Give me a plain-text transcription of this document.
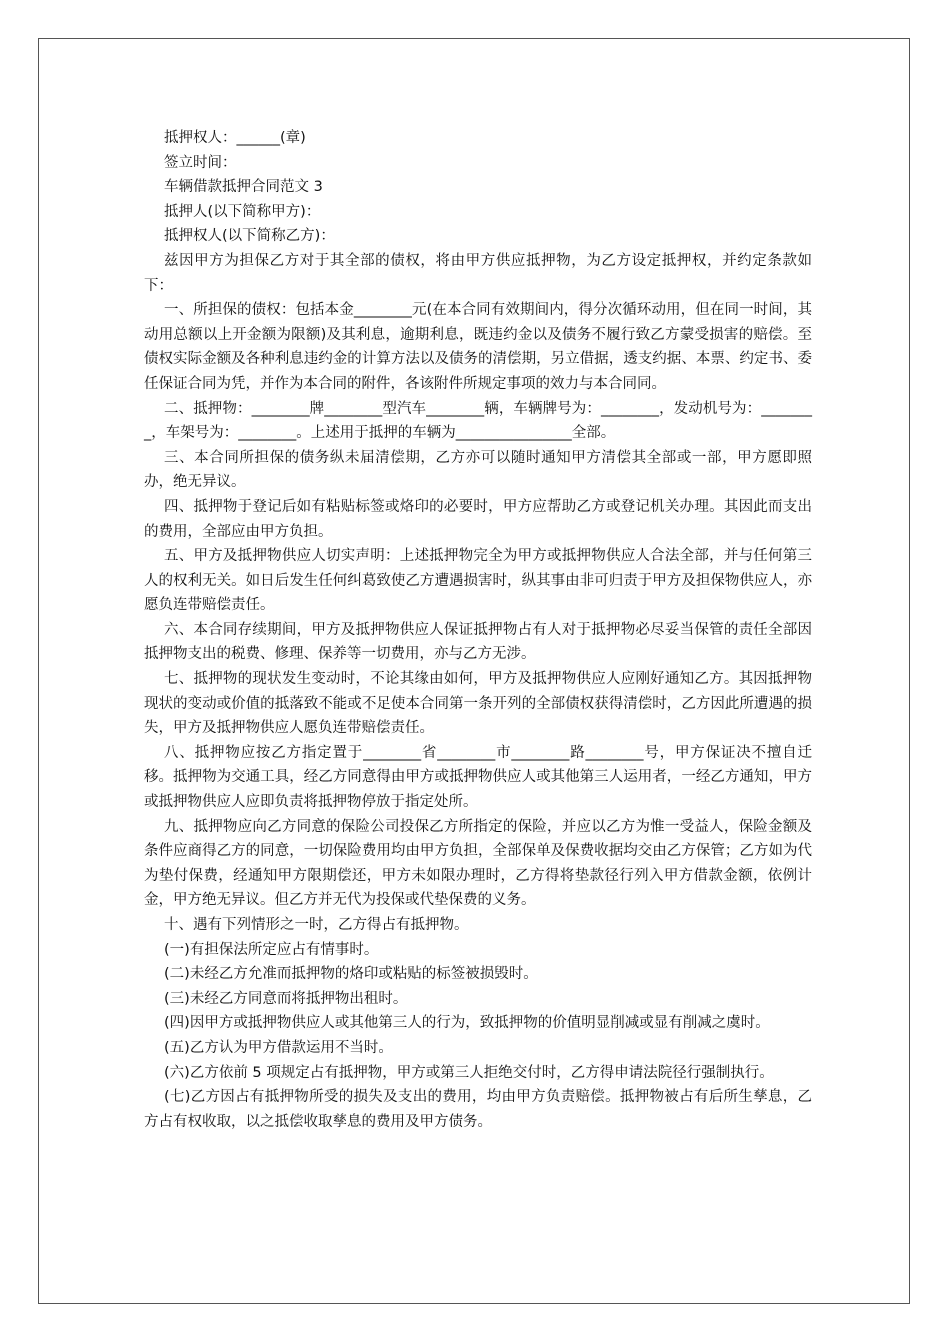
抵押权人：______(章)

签立时间：

车辆借款抵押合同范文 3

抵押人(以下简称甲方)：

抵押权人(以下简称乙方)：

兹因甲方为担保乙方对于其全部的债权，将由甲方供应抵押物，为乙方设定抵押权，并约定条款如下：

一、所担保的债权：包括本金________元(在本合同有效期间内，得分次循环动用，但在同一时间，其动用总额以上开金额为限额)及其利息，逾期利息，既违约金以及债务不履行致乙方蒙受损害的赔偿。至债权实际金额及各种利息违约金的计算方法以及债务的清偿期，另立借据，透支约据、本票、约定书、委任保证合同为凭，并作为本合同的附件，各该附件所规定事项的效力与本合同同。

二、抵押物：________牌________型汽车________辆，车辆牌号为：________，发动机号为：________，车架号为：________。上述用于抵押的车辆为________________全部。

三、本合同所担保的债务纵未届清偿期，乙方亦可以随时通知甲方清偿其全部或一部，甲方愿即照办，绝无异议。

四、抵押物于登记后如有粘贴标签或烙印的必要时，甲方应帮助乙方或登记机关办理。其因此而支出的费用，全部应由甲方负担。

五、甲方及抵押物供应人切实声明：上述抵押物完全为甲方或抵押物供应人合法全部，并与任何第三人的权利无关。如日后发生任何纠葛致使乙方遭遇损害时，纵其事由非可归责于甲方及担保物供应人，亦愿负连带赔偿责任。

六、本合同存续期间，甲方及抵押物供应人保证抵押物占有人对于抵押物必尽妥当保管的责任全部因抵押物支出的税费、修理、保养等一切费用，亦与乙方无涉。

七、抵押物的现状发生变动时，不论其缘由如何，甲方及抵押物供应人应刚好通知乙方。其因抵押物现状的变动或价值的抵落致不能或不足使本合同第一条开列的全部债权获得清偿时，乙方因此所遭遇的损失，甲方及抵押物供应人愿负连带赔偿责任。

八、抵押物应按乙方指定置于________省________市________路________号，甲方保证决不擅自迁移。抵押物为交通工具，经乙方同意得由甲方或抵押物供应人或其他第三人运用者，一经乙方通知，甲方或抵押物供应人应即负责将抵押物停放于指定处所。

九、抵押物应向乙方同意的保险公司投保乙方所指定的保险，并应以乙方为惟一受益人，保险金额及条件应商得乙方的同意，一切保险费用均由甲方负担，全部保单及保费收据均交由乙方保管；乙方如为代为垫付保费，经通知甲方限期偿还，甲方未如限办理时，乙方得将垫款径行列入甲方借款金额，依例计金，甲方绝无异议。但乙方并无代为投保或代垫保费的义务。

十、遇有下列情形之一时，乙方得占有抵押物。

(一)有担保法所定应占有情事时。

(二)未经乙方允准而抵押物的烙印或粘贴的标签被损毁时。

(三)未经乙方同意而将抵押物出租时。

(四)因甲方或抵押物供应人或其他第三人的行为，致抵押物的价值明显削减或显有削减之虞时。

(五)乙方认为甲方借款运用不当时。

(六)乙方依前 5 项规定占有抵押物，甲方或第三人拒绝交付时，乙方得申请法院径行强制执行。

(七)乙方因占有抵押物所受的损失及支出的费用，均由甲方负责赔偿。抵押物被占有后所生孳息，乙方占有权收取，以之抵偿收取孳息的费用及甲方债务。
